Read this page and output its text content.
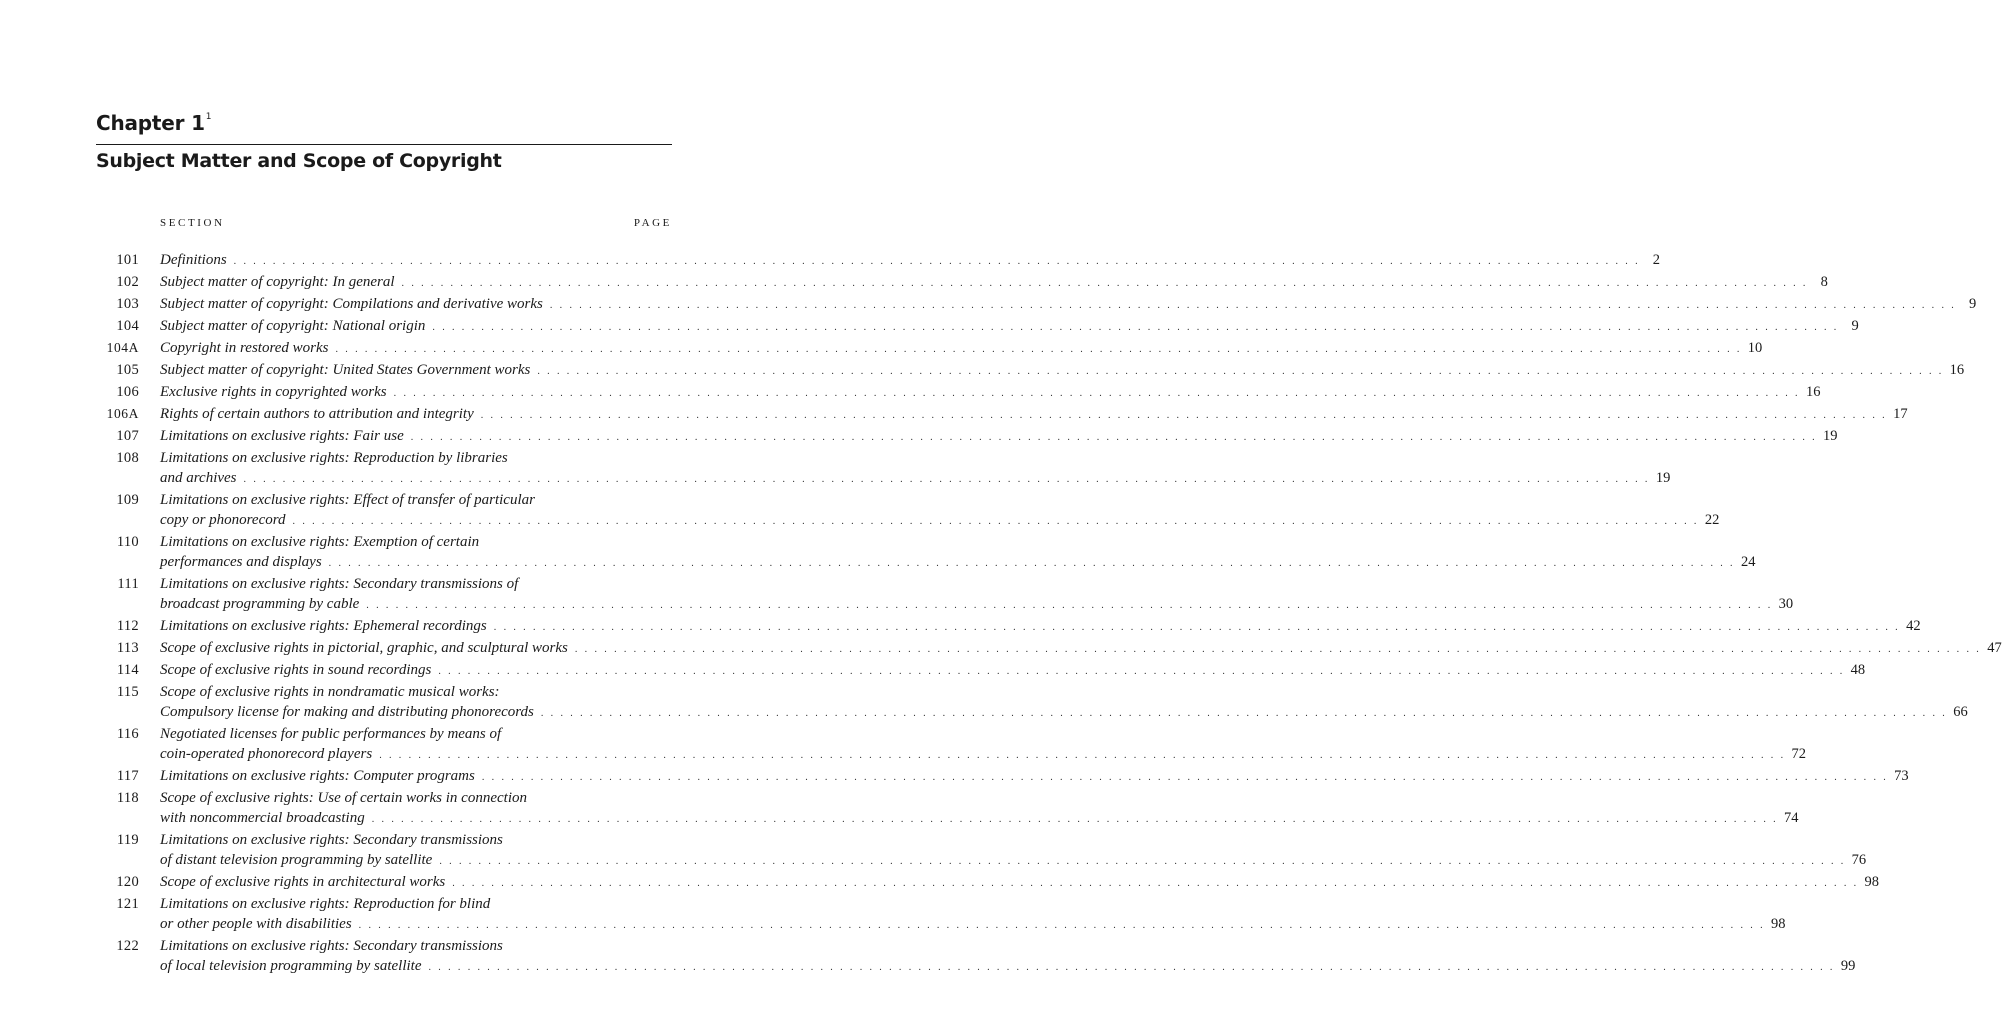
Chapter $1^1$
Subject Matter and Scope of Copyright
SECTION	PAGE
101 Definitions . . .	2
102 Subject matter of copyright: In general . . .	8
103 Subject matter of copyright: Compilations and derivative works . . .	9
104 Subject matter of copyright: National origin . . .	9
104A Copyright in restored works . . .	10
105 Subject matter of copyright: United States Government works . . .	16
106 Exclusive rights in copyrighted works . . .	16
106A Rights of certain authors to attribution and integrity . . .	17
107 Limitations on exclusive rights: Fair use . . .	19
108 Limitations on exclusive rights: Reproduction by libraries
and archives . . .	19
109 Limitations on exclusive rights: Effect of transfer of particular
copy or phonorecord . . .	22
110 Limitations on exclusive rights: Exemption of certain
performances and displays . . .	24
111 Limitations on exclusive rights: Secondary transmissions of
broadcast programming by cable . . .	30
112 Limitations on exclusive rights: Ephemeral recordings . . .	42
113 Scope of exclusive rights in pictorial, graphic, and sculptural works . . .	47
114 Scope of exclusive rights in sound recordings . . .	48
115 Scope of exclusive rights in nondramatic musical works:
Compulsory license for making and distributing phonorecords . . .	66
116 Negotiated licenses for public performances by means of
coin-operated phonorecord players . . .	72
117 Limitations on exclusive rights: Computer programs . . .	73
118 Scope of exclusive rights: Use of certain works in connection
with noncommercial broadcasting . . .	74
119 Limitations on exclusive rights: Secondary transmissions
of distant television programming by satellite . . .	76
120 Scope of exclusive rights in architectural works . . .	98
121 Limitations on exclusive rights: Reproduction for blind
or other people with disabilities . . .	98
122 Limitations on exclusive rights: Secondary transmissions
of local television programming by satellite . . .	99
